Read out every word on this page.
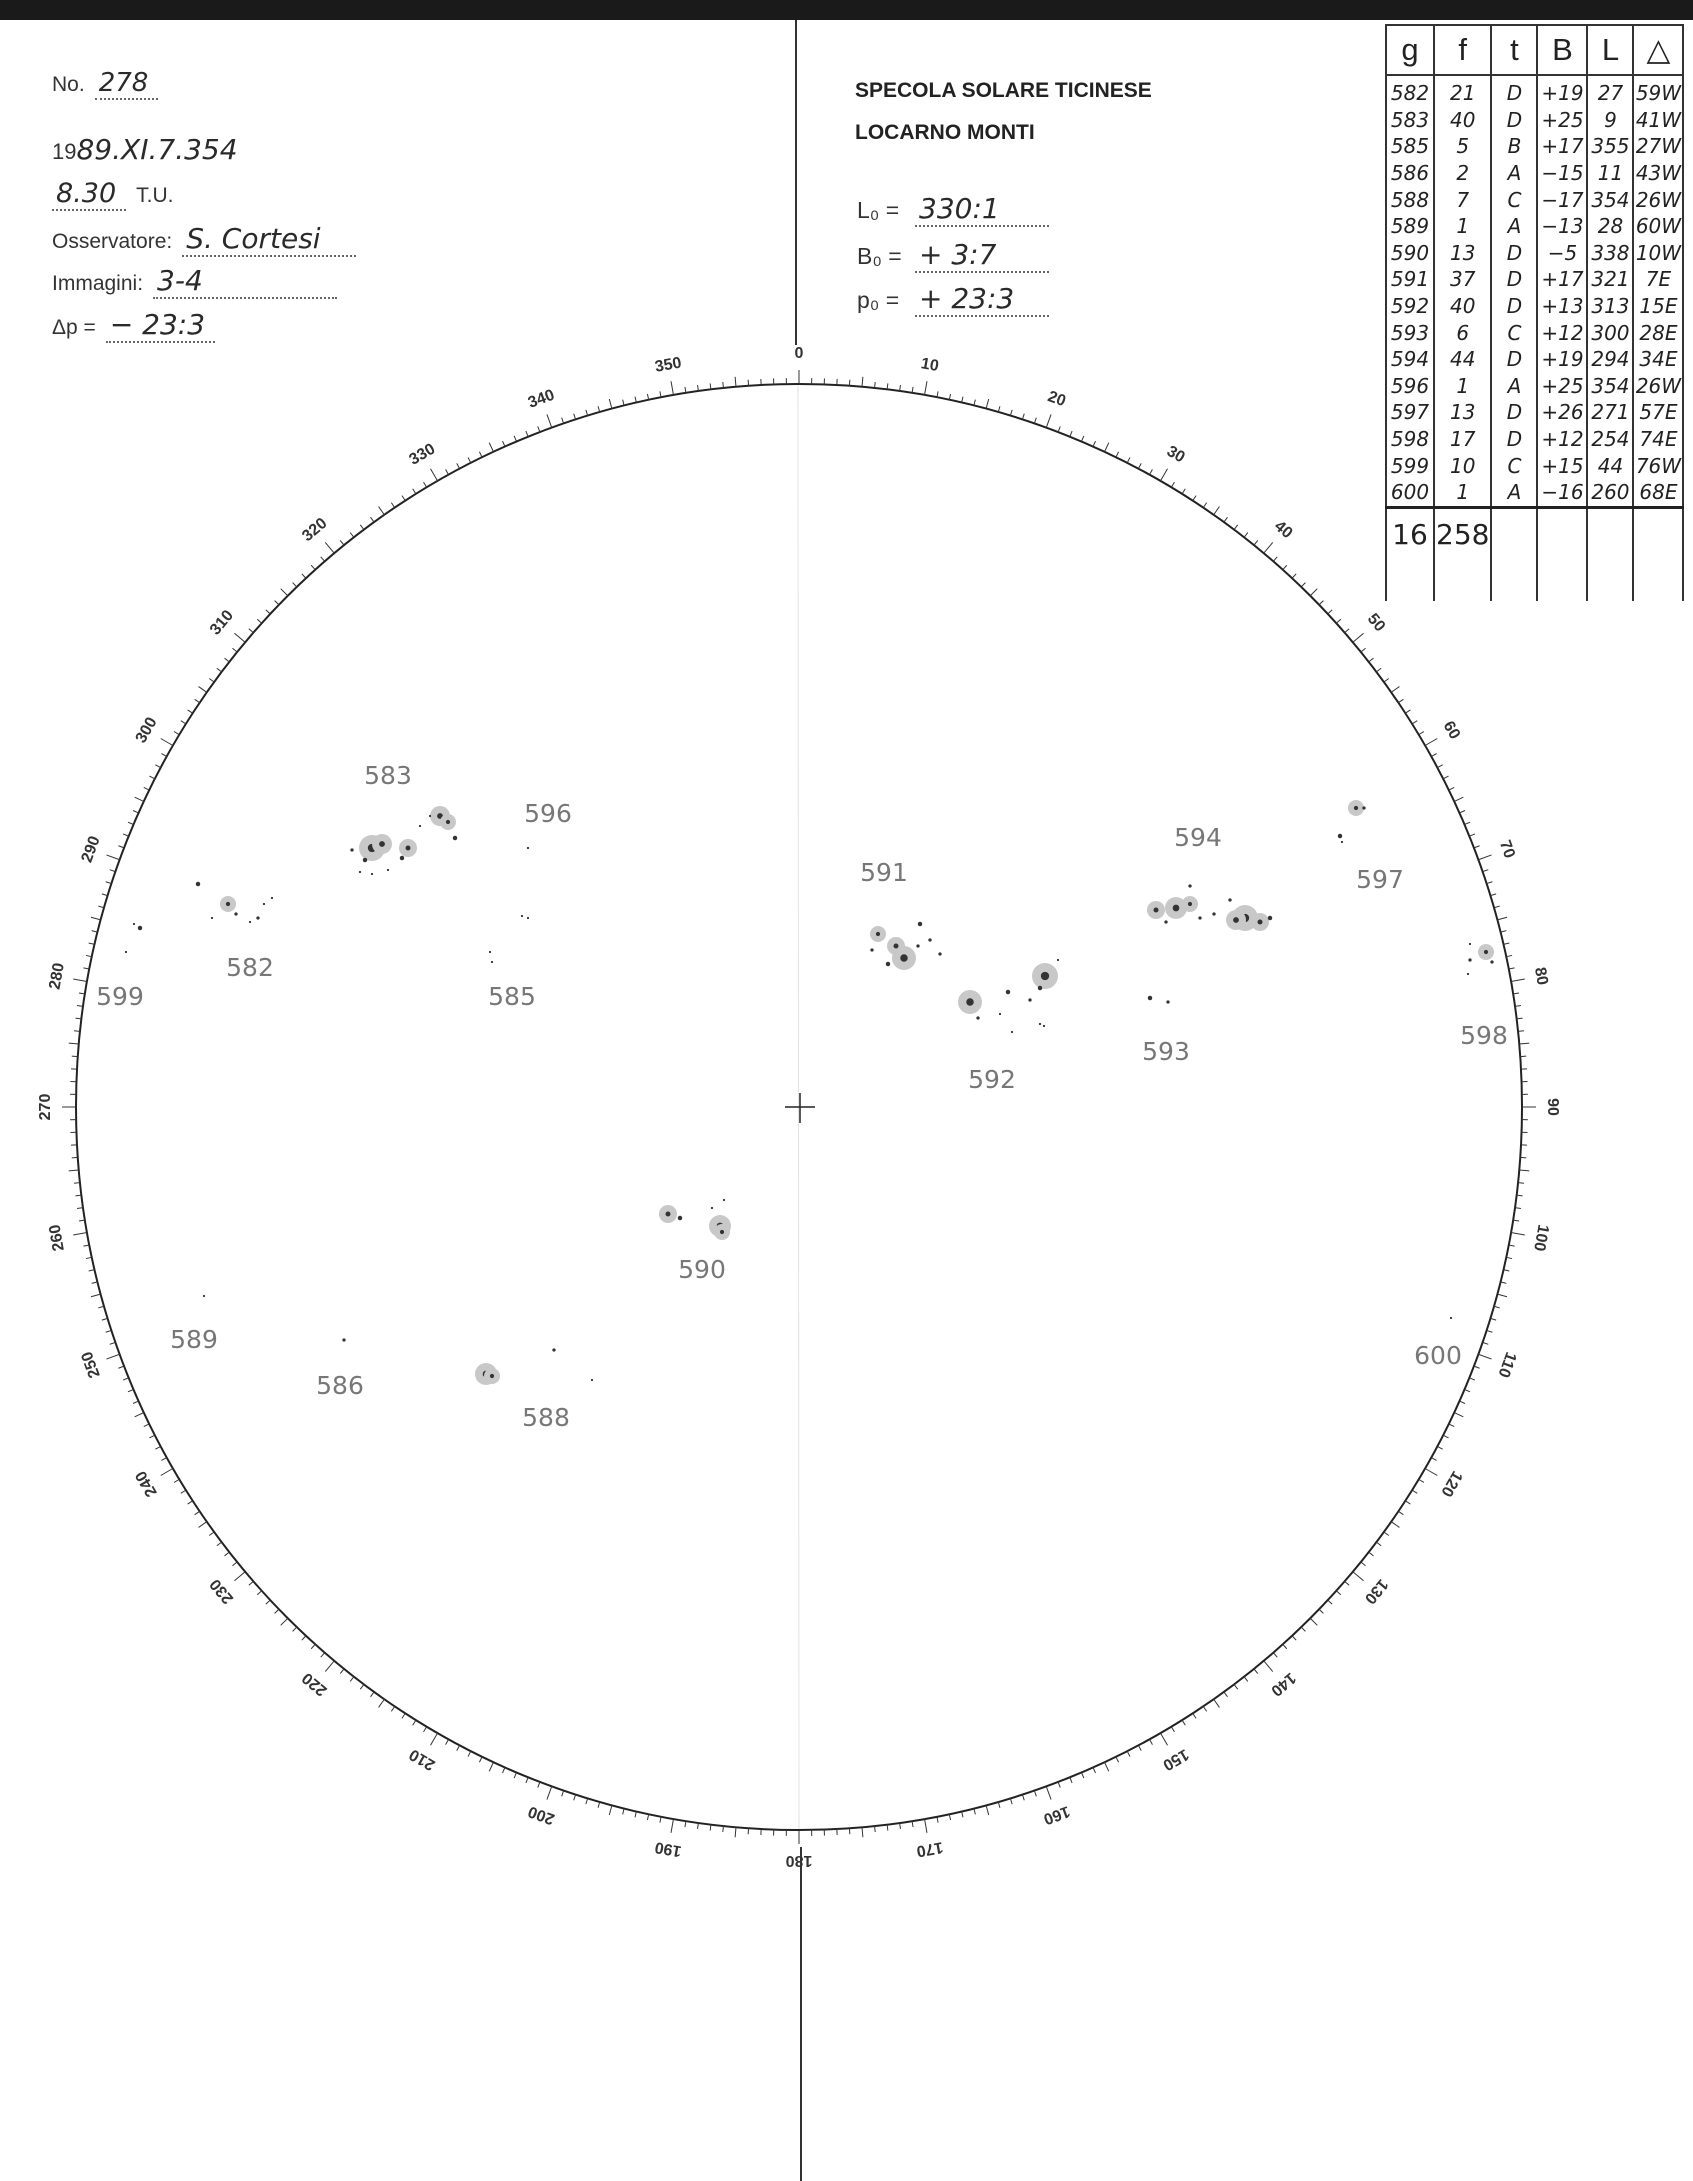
No. 278
19 89.XI.7.354
8.30 T.U.
Osservatore: S. Cortesi
Immagini: 3-4
Δp = − 23:3
SPECOLA SOLARE TICINESE
LOCARNO MONTI
L₀ = 330:1
B₀ = + 3:7
p₀ = + 23:3
g	f	t	B	L	△
582	21	D	+19	27	59W
583	40	D	+25	9	41W
585	5	B	+17	355	27W
586	2	A	−15	11	43W
588	7	C	−17	354	26W
589	1	A	−13	28	60W
590	13	D	−5	338	10W
591	37	D	+17	321	7E
592	40	D	+13	313	15E
593	6	C	+12	300	28E
594	44	D	+19	294	34E
596	1	A	+25	354	26W
597	13	D	+26	271	57E
598	17	D	+12	254	74E
599	10	C	+15	44	76W
600	1	A	−16	260	68E
16	258				

0
10
20
30
40
50
60
70
80
90
100
110
120
130
140
150
160
170
180
190
200
210
220
230
240
250
260
270
280
290
300
310
320
330
340
350
583
596
582
599	585
591
592
594
593
597
598
590
589
586
588
600
